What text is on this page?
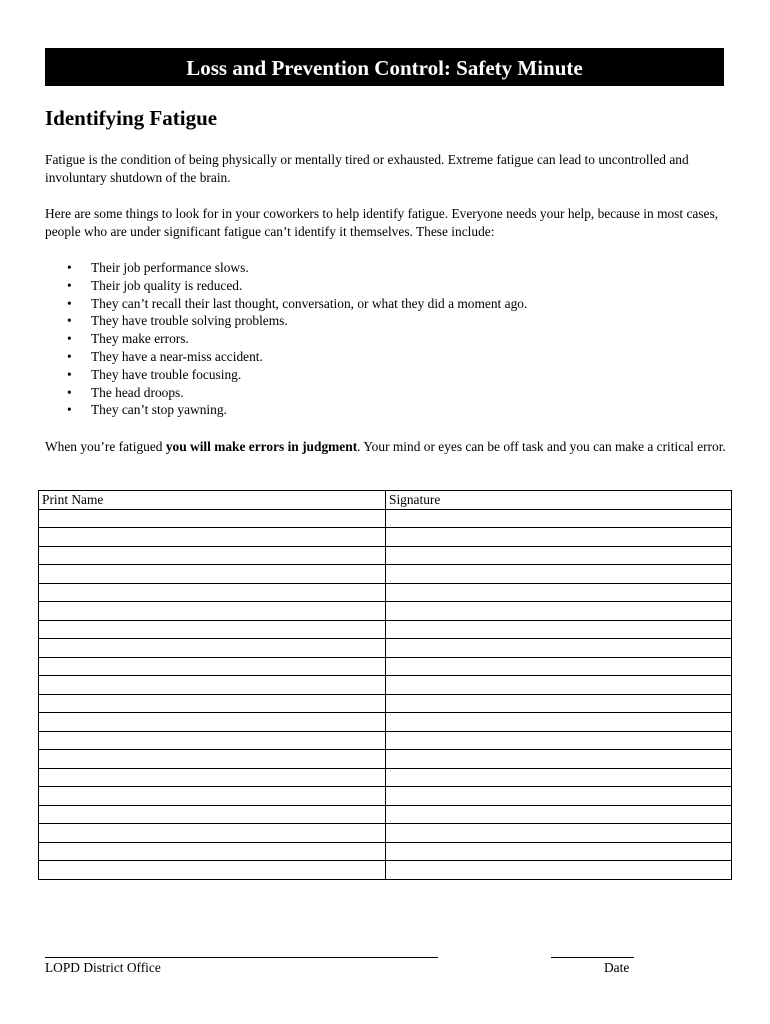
Loss and Prevention Control: Safety Minute
Identifying Fatigue
Fatigue is the condition of being physically or mentally tired or exhausted. Extreme fatigue can lead to uncontrolled and involuntary shutdown of the brain.
Here are some things to look for in your coworkers to help identify fatigue. Everyone needs your help, because in most cases, people who are under significant fatigue can’t identify it themselves. These include:
• Their job performance slows.
• Their job quality is reduced.
• They can’t recall their last thought, conversation, or what they did a moment ago.
• They have trouble solving problems.
• They make errors.
• They have a near-miss accident.
• They have trouble focusing.
• The head droops.
• They can’t stop yawning.
When you’re fatigued you will make errors in judgment. Your mind or eyes can be off task and you can make a critical error.
Print Name	Signature

LOPD District Office	Date
